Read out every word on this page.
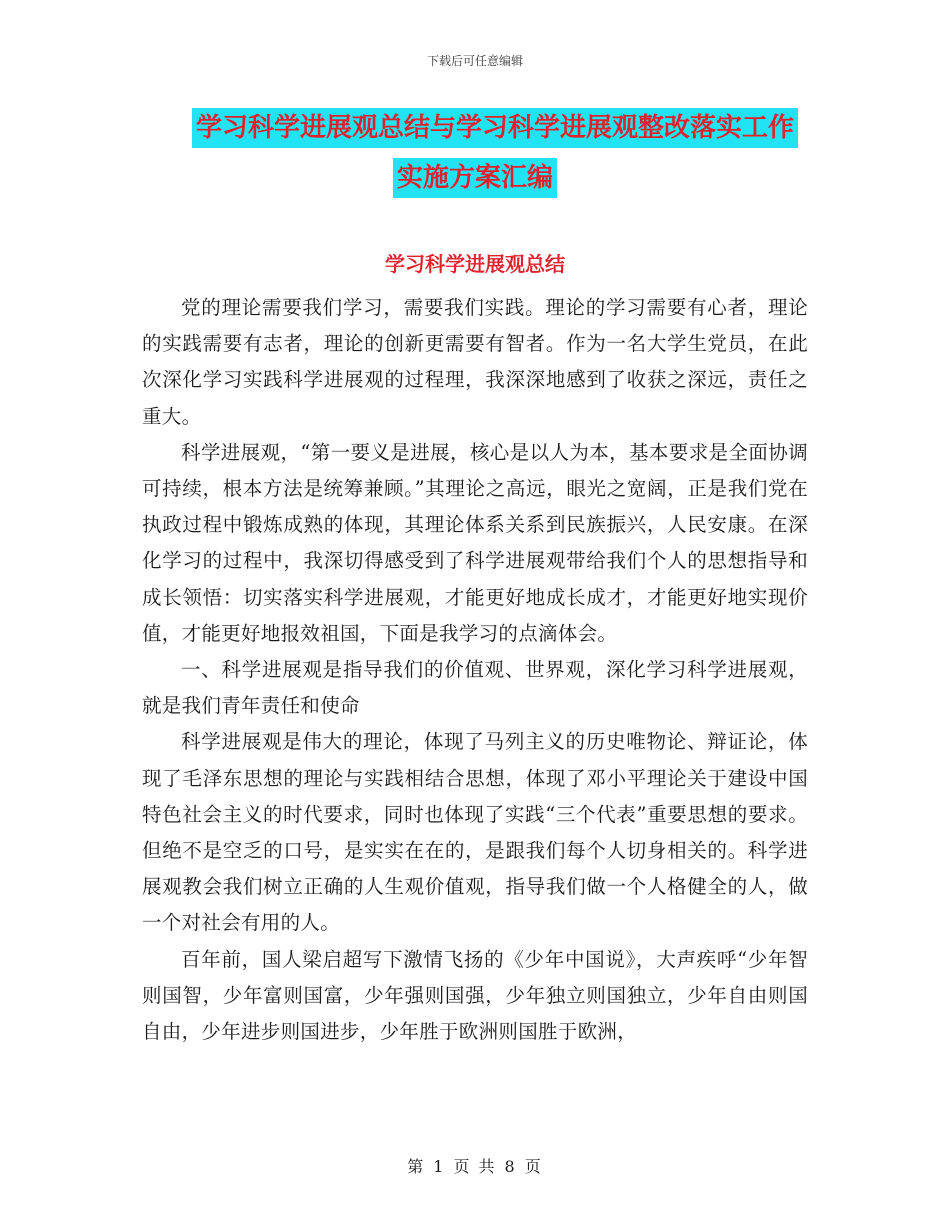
下载后可任意编辑
学习科学进展观总结与学习科学进展观整改落实工作
实施方案汇编
学习科学进展观总结

党的理论需要我们学习，需要我们实践。理论的学习需要有心者，理论的实践需要有志者，理论的创新更需要有智者。作为一名大学生党员，在此次深化学习实践科学进展观的过程理，我深深地感到了收获之深远，责任之重大。

科学进展观，“第一要义是进展，核心是以人为本，基本要求是全面协调可持续，根本方法是统筹兼顾。”其理论之高远，眼光之宽阔，正是我们党在执政过程中锻炼成熟的体现，其理论体系关系到民族振兴，人民安康。在深化学习的过程中，我深切得感受到了科学进展观带给我们个人的思想指导和成长领悟：切实落实科学进展观，才能更好地成长成才，才能更好地实现价值，才能更好地报效祖国，下面是我学习的点滴体会。

一、科学进展观是指导我们的价值观、世界观，深化学习科学进展观，就是我们青年责任和使命

科学进展观是伟大的理论，体现了马列主义的历史唯物论、辩证论，体现了毛泽东思想的理论与实践相结合思想，体现了邓小平理论关于建设中国特色社会主义的时代要求，同时也体现了实践“三个代表”重要思想的要求。但绝不是空乏的口号，是实实在在的，是跟我们每个人切身相关的。科学进展观教会我们树立正确的人生观价值观，指导我们做一个人格健全的人，做一个对社会有用的人。

百年前，国人梁启超写下激情飞扬的《少年中国说》，大声疾呼“少年智则国智，少年富则国富，少年强则国强，少年独立则国独立，少年自由则国自由，少年进步则国进步，少年胜于欧洲则国胜于欧洲，

第 1 页 共 8 页
